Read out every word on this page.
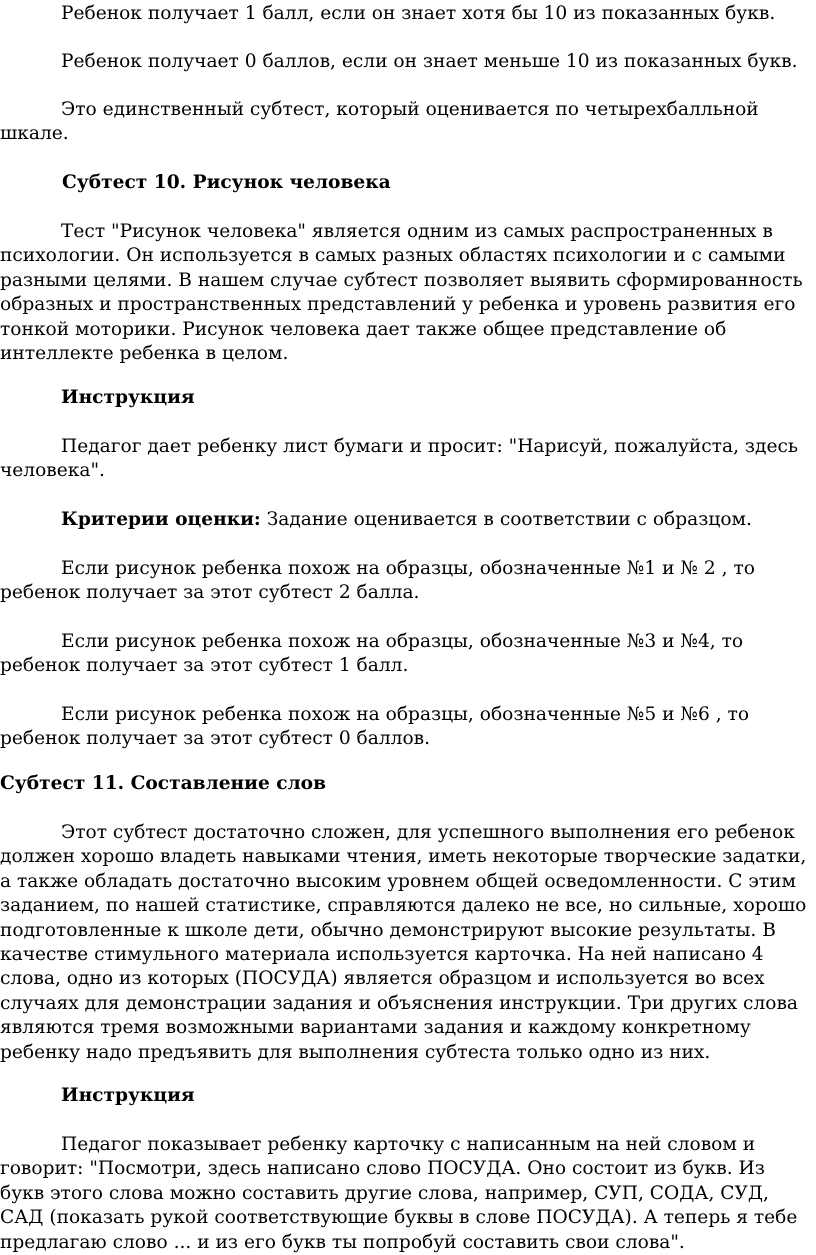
Ребенок получает 1 балл, если он знает хотя бы 10 из показанных букв.

Ребенок получает 0 баллов, если он знает меньше 10 из показанных букв.

Это единственный субтест, который оценивается по четырехбалльной шкале.

Субтест 10. Рисунок человека

Тест "Рисунок человека" является одним из самых распространенных в психологии. Он используется в самых разных областях психологии и с самыми разными целями. В нашем случае субтест позволяет выявить сформированность образных и пространственных представлений у ребенка и уровень развития его тонкой моторики. Рисунок человека дает также общее представление об интеллекте ребенка в целом.

Инструкция

Педагог дает ребенку лист бумаги и просит: "Нарисуй, пожалуйста, здесь человека".

Критерии оценки: Задание оценивается в соответствии с образцом.

Если рисунок ребенка похож на образцы, обозначенные №1 и № 2 , то ребенок получает за этот субтест 2 балла.

Если рисунок ребенка похож на образцы, обозначенные №3 и №4, то ребенок получает за этот субтест 1 балл.

Если рисунок ребенка похож на образцы, обозначенные №5 и №6 , то ребенок получает за этот субтест 0 баллов.

Субтест 11. Составление слов

Этот субтест достаточно сложен, для успешного выполнения его ребенок должен хорошо владеть навыками чтения, иметь некоторые творческие задатки, а также обладать достаточно высоким уровнем общей осведомленности. С этим заданием, по нашей статистике, справляются далеко не все, но сильные, хорошо подготовленные к школе дети, обычно демонстрируют высокие результаты. В качестве стимульного материала используется карточка. На ней написано 4 слова, одно из которых (ПОСУДА) является образцом и используется во всех случаях для демонстрации задания и объяснения инструкции. Три других слова являются тремя возможными вариантами задания и каждому конкретному ребенку надо предъявить для выполнения субтеста только одно из них.

Инструкция

Педагог показывает ребенку карточку с написанным на ней словом и говорит: "Посмотри, здесь написано слово ПОСУДА. Оно состоит из букв. Из букв этого слова можно составить другие слова, например, СУП, СОДА, СУД, САД (показать рукой соответствующие буквы в слове ПОСУДА). А теперь я тебе предлагаю слово ... и из его букв ты попробуй составить свои слова".
